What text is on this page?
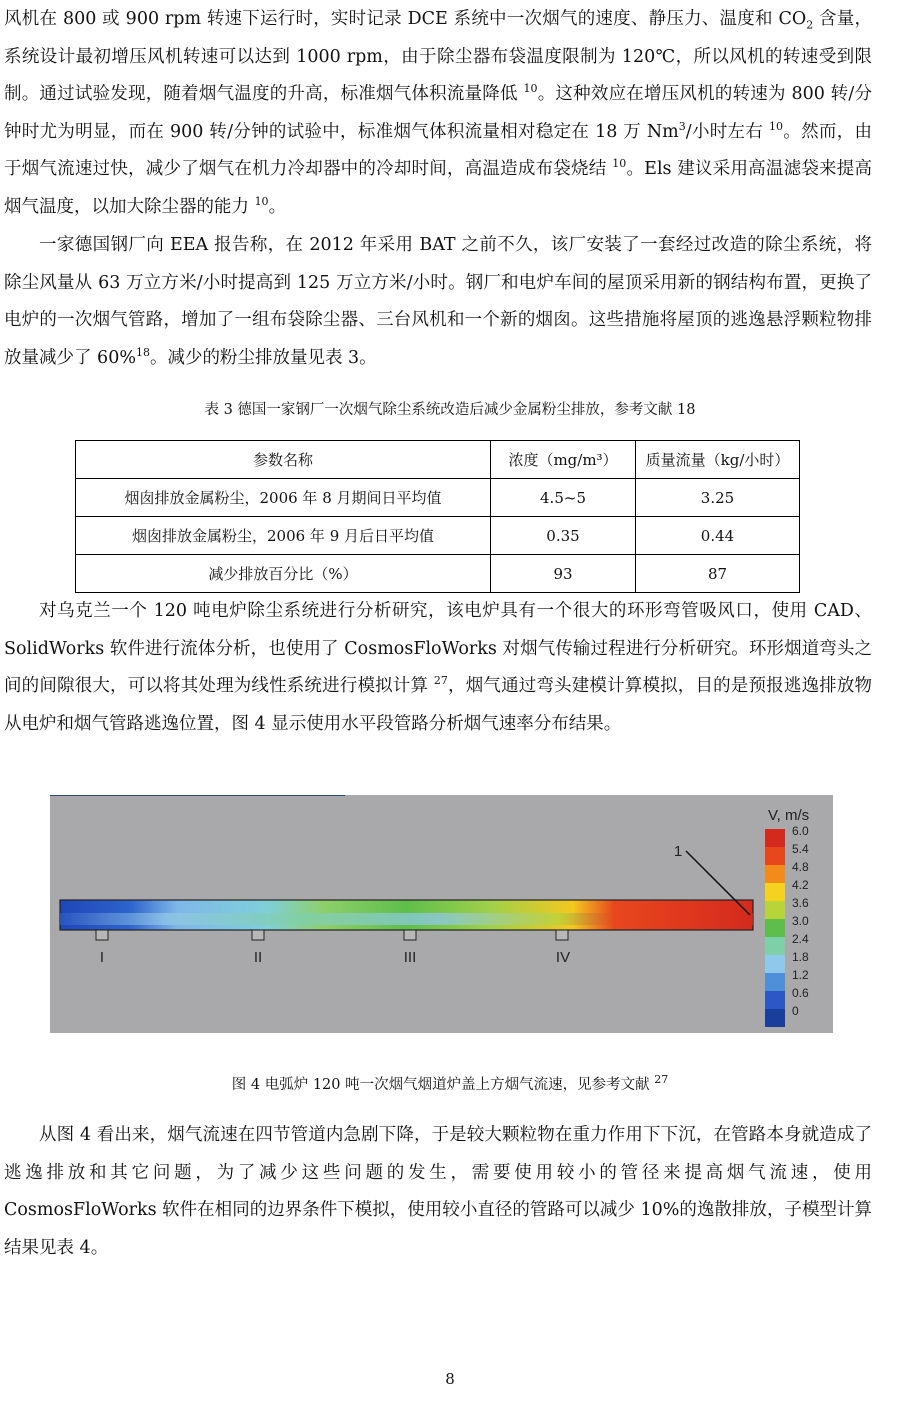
风机在 800 或 900 rpm 转速下运行时，实时记录 DCE 系统中一次烟气的速度、静压力、温度和 $CO_2$ 含量，系统设计最初增压风机转速可以达到 1000 rpm，由于除尘器布袋温度限制为 120℃，所以风机的转速受到限制。通过试验发现，随着烟气温度的升高，标准烟气体积流量降低 $^{10}$。这种效应在增压风机的转速为 800 转/分钟时尤为明显，而在 900 转/分钟的试验中，标准烟气体积流量相对稳定在 18 万 Nm$^3$/小时左右 $^{10}$。然而，由于烟气流速过快，减少了烟气在机力冷却器中的冷却时间，高温造成布袋烧结 $^{10}$。Els 建议采用高温滤袋来提高烟气温度，以加大除尘器的能力 $^{10}$。

一家德国钢厂向 EEA 报告称，在 2012 年采用 BAT 之前不久，该厂安装了一套经过改造的除尘系统，将除尘风量从 63 万立方米/小时提高到 125 万立方米/小时。钢厂和电炉车间的屋顶采用新的钢结构布置，更换了电炉的一次烟气管路，增加了一组布袋除尘器、三台风机和一个新的烟囱。这些措施将屋顶的逃逸悬浮颗粒物排放量减少了 60%$^{18}$。减少的粉尘排放量见表 3。

表 3 德国一家钢厂一次烟气除尘系统改造后减少金属粉尘排放，参考文献 18
参数名称	浓度（mg/m³）	质量流量（kg/小时）
烟囱排放金属粉尘，2006 年 8 月期间日平均值	4.5~5	3.25
烟囱排放金属粉尘，2006 年 9 月后日平均值	0.35	0.44
减少排放百分比（%）	93	87

对乌克兰一个 120 吨电炉除尘系统进行分析研究，该电炉具有一个很大的环形弯管吸风口，使用 CAD、SolidWorks 软件进行流体分析，也使用了 CosmosFloWorks 对烟气传输过程进行分析研究。环形烟道弯头之间的间隙很大，可以将其处理为线性系统进行模拟计算 $^{27}$，烟气通过弯头建模计算模拟，目的是预报逃逸排放物从电炉和烟气管路逃逸位置，图 4 显示使用水平段管路分析烟气速率分布结果。

I	II	III	IV
1
V, m/s
6.0
5.4
4.8
4.2
3.6
3.0
2.4
1.8
1.2
0.6
0
图 4 电弧炉 120 吨一次烟气烟道炉盖上方烟气流速，见参考文献 $^{27}$

从图 4 看出来，烟气流速在四节管道内急剧下降，于是较大颗粒物在重力作用下下沉，在管路本身就造成了逃逸排放和其它问题，为了减少这些问题的发生，需要使用较小的管径来提高烟气流速，使用 CosmosFloWorks 软件在相同的边界条件下模拟，使用较小直径的管路可以减少 10%的逸散排放，子模型计算结果见表 4。

8
